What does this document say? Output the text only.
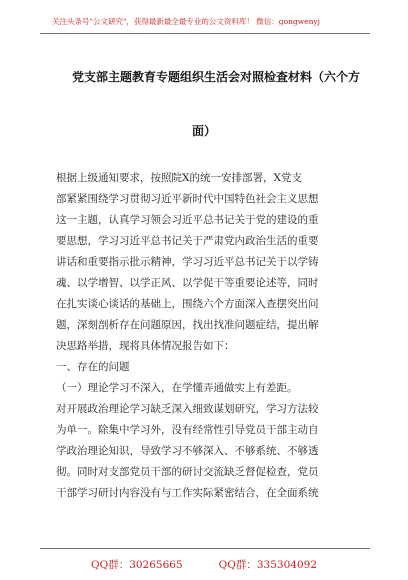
关注头条号"公文研究"，获得最新最全最专业的公文资料库！ 微信：gongwenyj
党支部主题教育专题组织生活会对照检查材料（六个方
面）
根据上级通知要求，按照院X的统一安排部署，X党支
部紧紧围绕学习贯彻习近平新时代中国特色社会主义思想
这一主题，认真学习领会习近平总书记关于党的建设的重
要思想，学习习近平总书记关于严肃党内政治生活的重要
讲话和重要指示批示精神，学习习近平总书记关于以学铸
魂、以学增智、以学正风、以学促干等重要论述等，同时
在扎实谈心谈话的基础上，围绕六个方面深入查摆突出问
题，深刻剖析存在问题原因，找出找准问题症结，提出解
决思路举措，现将具体情况报告如下：
一、存在的问题
（一）理论学习不深入，在学懂弄通做实上有差距。
对开展政治理论学习缺乏深入细致谋划研究，学习方法较
为单一。除集中学习外，没有经常性引导党员干部主动自
学政治理论知识，导致学习不够深入、不够系统、不够透
彻。同时对支部党员干部的研讨交流缺乏督促检查，党员
干部学习研讨内容没有与工作实际紧密结合，在全面系统
QQ群：30265665	QQ群：335304092
